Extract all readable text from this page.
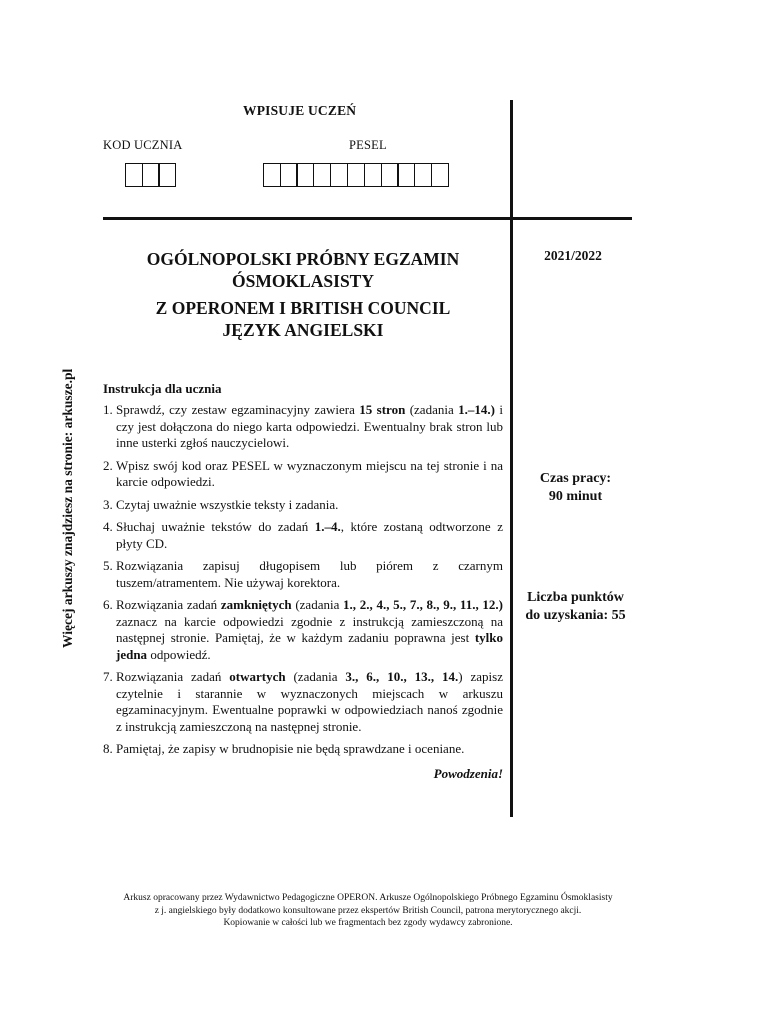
WPISUJE UCZEŃ
KOD UCZNIA	PESEL
OGÓLNOPOLSKI PRÓBNY EGZAMIN
ÓSMOKLASISTY
Z OPERONEM I BRITISH COUNCIL
JĘZYK ANGIELSKI
2021/2022
Czas pracy:
90 minut
Liczba punktów
do uzyskania: 55
Więcej arkuszy znajdziesz na stronie: arkusze.pl Instrukcja dla ucznia
1. Sprawdź, czy zestaw egzaminacyjny zawiera 15 stron (zadania 1.–14.) i czy jest dołączona do niego karta odpowiedzi. Ewentualny brak stron lub inne usterki zgłoś nauczycielowi.
2. Wpisz swój kod oraz PESEL w wyznaczonym miejscu na tej stronie i na karcie odpowiedzi.
3. Czytaj uważnie wszystkie teksty i zadania.
4. Słuchaj uważnie tekstów do zadań 1.–4., które zostaną odtworzone z płyty CD.
5. Rozwiązania zapisuj długopisem lub piórem z czarnym tuszem/atramentem. Nie używaj korektora.
6. Rozwiązania zadań zamkniętych (zadania 1., 2., 4., 5., 7., 8., 9., 11., 12.) zaznacz na karcie odpowiedzi zgodnie z instrukcją zamieszczoną na następnej stronie. Pamiętaj, że w każdym zadaniu poprawna jest tylko jedna odpowiedź.
7. Rozwiązania zadań otwartych (zadania 3., 6., 10., 13., 14.) zapisz czytelnie i starannie w wyznaczonych miejscach w arkuszu egzaminacyjnym. Ewentualne poprawki w odpowiedziach nanoś zgodnie z instrukcją zamieszczoną na następnej stronie.
8. Pamiętaj, że zapisy w brudnopisie nie będą sprawdzane i oceniane.
Powodzenia!
Arkusz opracowany przez Wydawnictwo Pedagogiczne OPERON. Arkusze Ogólnopolskiego Próbnego Egzaminu Ósmoklasisty
z j. angielskiego były dodatkowo konsultowane przez ekspertów British Council, patrona merytorycznego akcji.
Kopiowanie w całości lub we fragmentach bez zgody wydawcy zabronione.
